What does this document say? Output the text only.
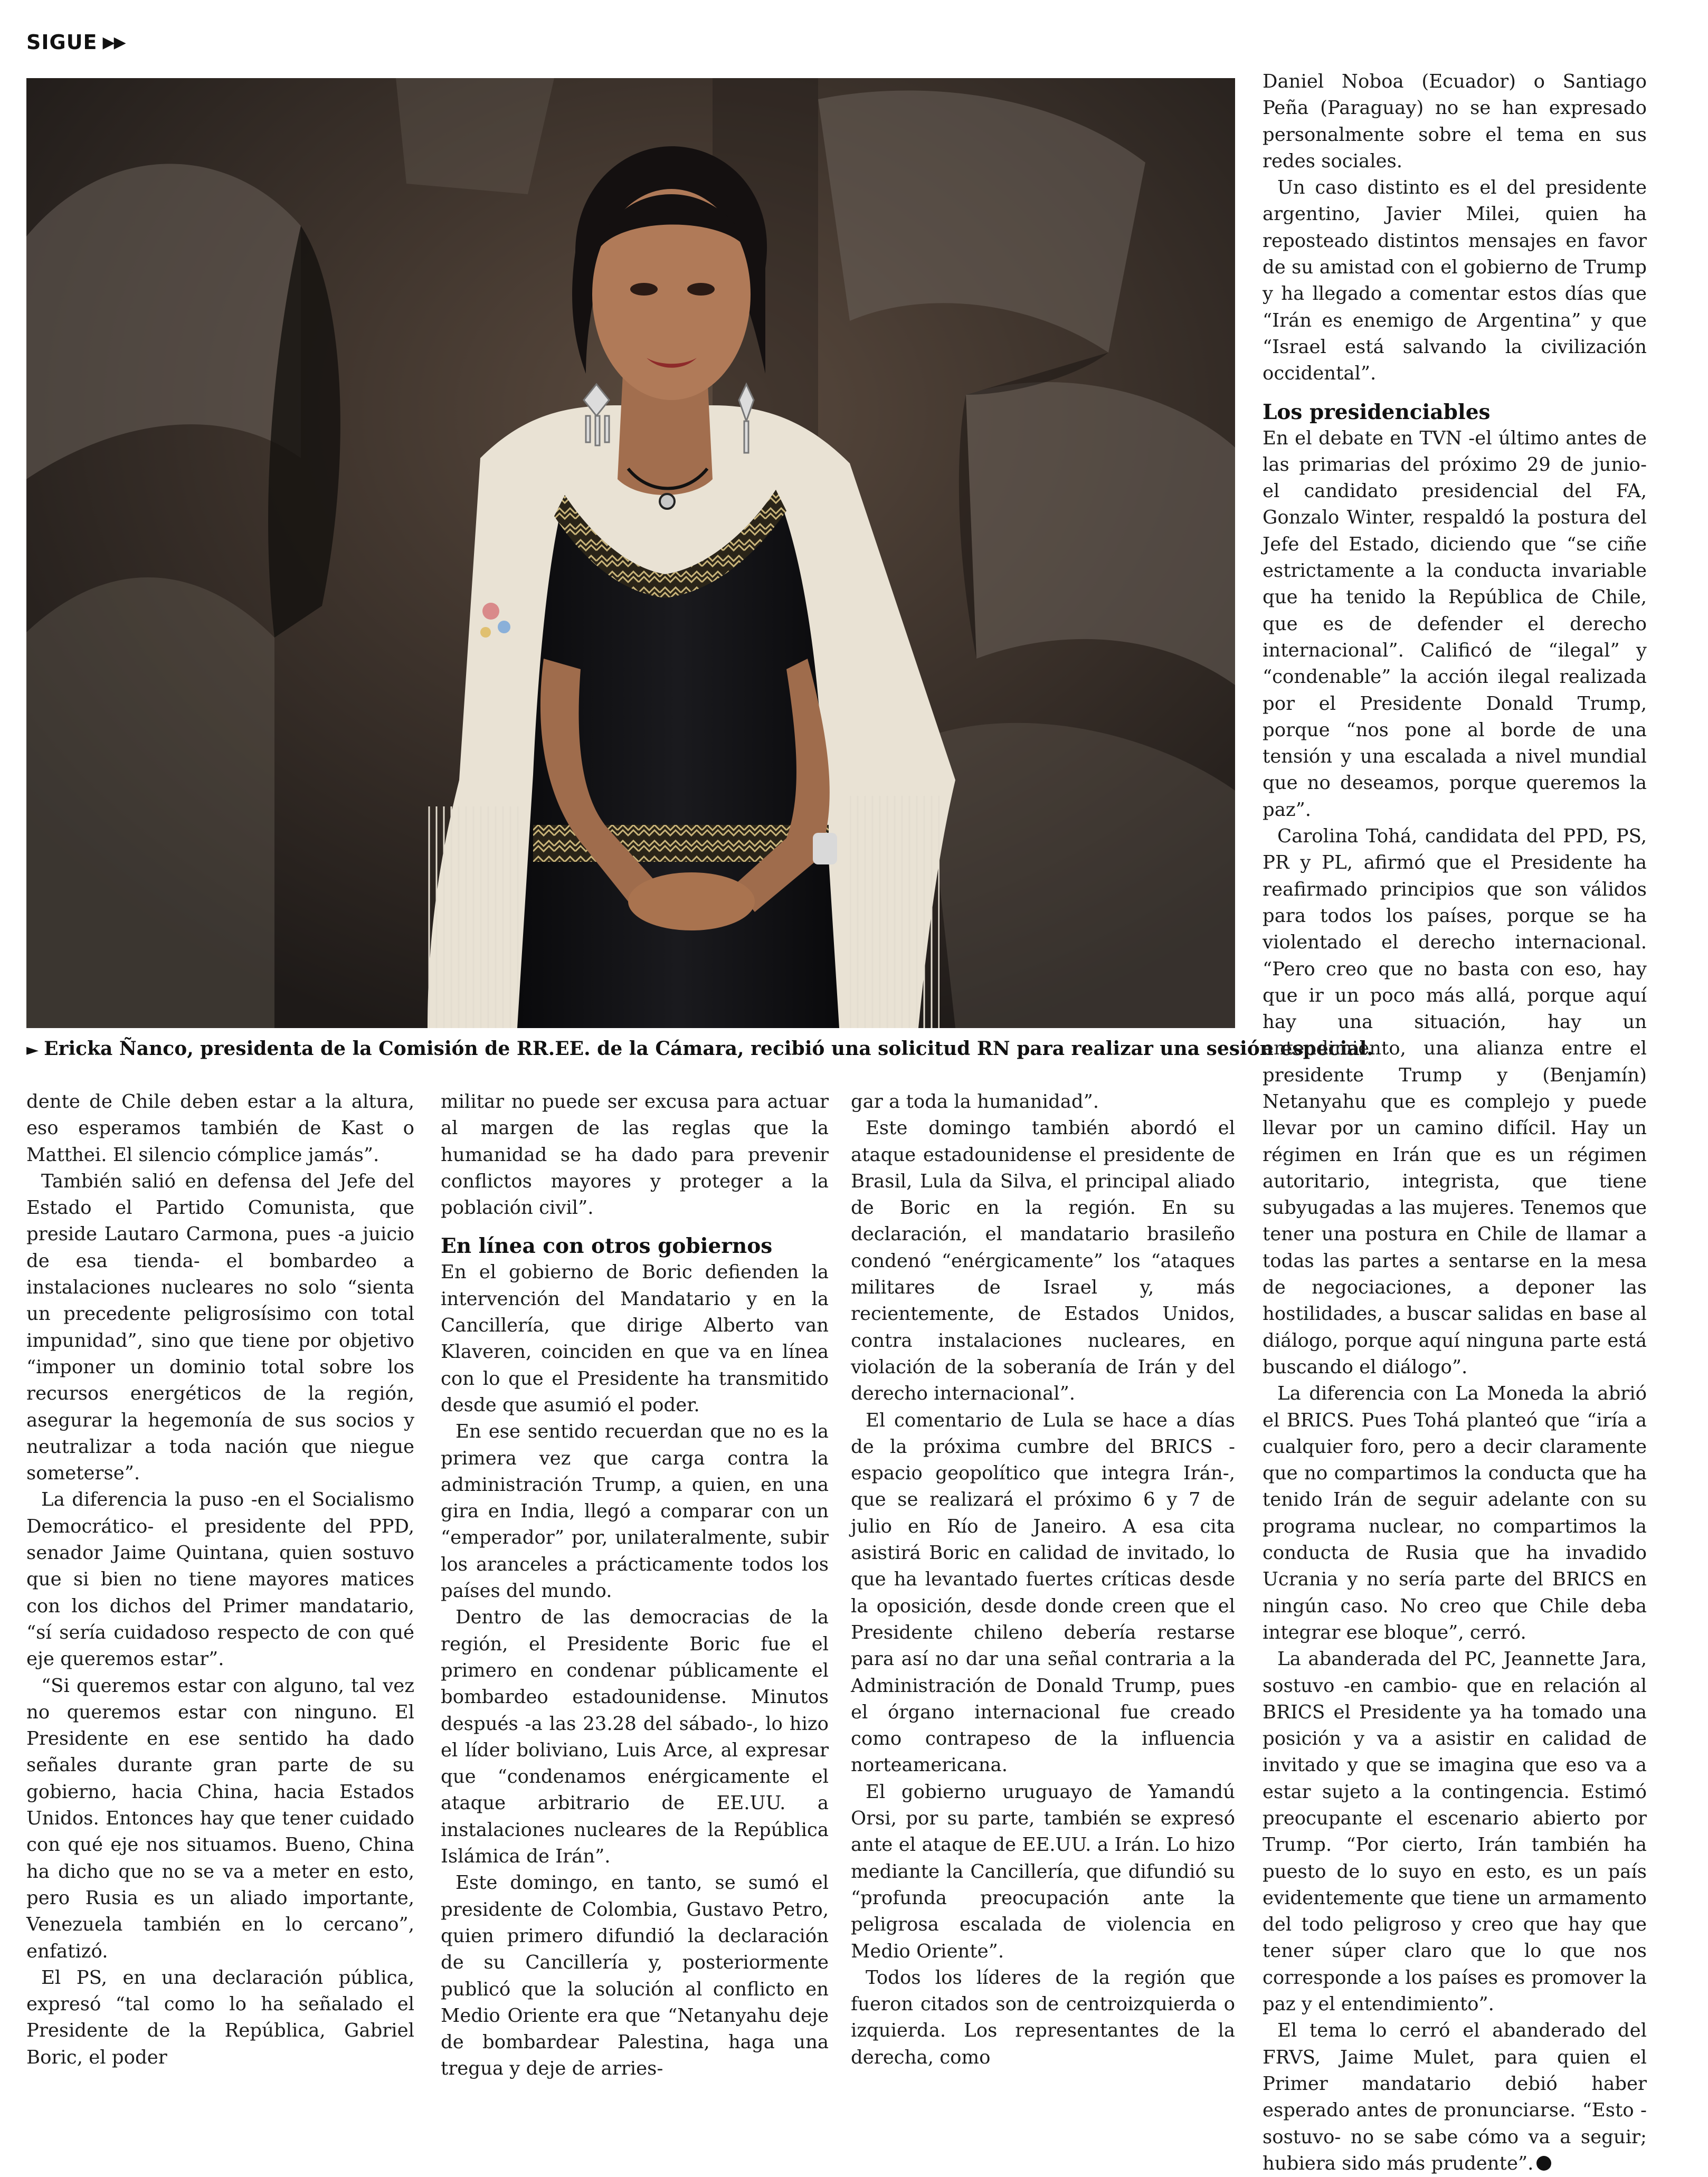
SIGUE ▶▶
► Ericka Ñanco, presidenta de la Comisión de RR.EE. de la Cámara, recibió una solicitud RN para realizar una sesión especial.

dente de Chile deben estar a la altura, eso esperamos también de Kast o Matthei. El silencio cómplice jamás”.

También salió en defensa del Jefe del Estado el Partido Comunista, que preside Lautaro Carmona, pues -a juicio de esa tienda- el bombardeo a instalaciones nucleares no solo “sienta un precedente peligrosísimo con total impunidad”, sino que tiene por objetivo “imponer un dominio total sobre los recursos energéticos de la región, asegurar la hegemonía de sus socios y neutralizar a toda nación que niegue someterse”.

La diferencia la puso -en el Socialismo Democrático- el presidente del PPD, senador Jaime Quintana, quien sostuvo que si bien no tiene mayores matices con los dichos del Primer mandatario, “sí sería cuidadoso respecto de con qué eje queremos estar”.

“Si queremos estar con alguno, tal vez no queremos estar con ninguno. El Presidente en ese sentido ha dado señales durante gran parte de su gobierno, hacia China, hacia Estados Unidos. Entonces hay que tener cuidado con qué eje nos situamos. Bueno, China ha dicho que no se va a meter en esto, pero Rusia es un aliado importante, Venezuela también en lo cercano”, enfatizó.

El PS, en una declaración pública, expresó “tal como lo ha señalado el Presidente de la República, Gabriel Boric, el poder

militar no puede ser excusa para actuar al margen de las reglas que la humanidad se ha dado para prevenir conflictos mayores y proteger a la población civil”.

En línea con otros gobiernos

En el gobierno de Boric defienden la intervención del Mandatario y en la Cancillería, que dirige Alberto van Klaveren, coinciden en que va en línea con lo que el Presidente ha transmitido desde que asumió el poder.

En ese sentido recuerdan que no es la primera vez que carga contra la administración Trump, a quien, en una gira en India, llegó a comparar con un “emperador” por, unilateralmente, subir los aranceles a prácticamente todos los países del mundo.

Dentro de las democracias de la región, el Presidente Boric fue el primero en condenar públicamente el bombardeo estadounidense. Minutos después -a las 23.28 del sábado-, lo hizo el líder boliviano, Luis Arce, al expresar que “condenamos enérgicamente el ataque arbitrario de EE.UU. a instalaciones nucleares de la República Islámica de Irán”.

Este domingo, en tanto, se sumó el presidente de Colombia, Gustavo Petro, quien primero difundió la declaración de su Cancillería y, posteriormente publicó que la solución al conflicto en Medio Oriente era que “Netanyahu deje de bombardear Palestina, haga una tregua y deje de arries-

gar a toda la humanidad”.

Este domingo también abordó el ataque estadounidense el presidente de Brasil, Lula da Silva, el principal aliado de Boric en la región. En su declaración, el mandatario brasileño condenó “enérgicamente” los “ataques militares de Israel y, más recientemente, de Estados Unidos, contra instalaciones nucleares, en violación de la soberanía de Irán y del derecho internacional”.

El comentario de Lula se hace a días de la próxima cumbre del BRICS -espacio geopolítico que integra Irán-, que se realizará el próximo 6 y 7 de julio en Río de Janeiro. A esa cita asistirá Boric en calidad de invitado, lo que ha levantado fuertes críticas desde la oposición, desde donde creen que el Presidente chileno debería restarse para así no dar una señal contraria a la Administración de Donald Trump, pues el órgano internacional fue creado como contrapeso de la influencia norteamericana.

El gobierno uruguayo de Yamandú Orsi, por su parte, también se expresó ante el ataque de EE.UU. a Irán. Lo hizo mediante la Cancillería, que difundió su “profunda preocupación ante la peligrosa escalada de violencia en Medio Oriente”.

Todos los líderes de la región que fueron citados son de centroizquierda o izquierda. Los representantes de la derecha, como

Daniel Noboa (Ecuador) o Santiago Peña (Paraguay) no se han expresado personalmente sobre el tema en sus redes sociales.

Un caso distinto es el del presidente argentino, Javier Milei, quien ha reposteado distintos mensajes en favor de su amistad con el gobierno de Trump y ha llegado a comentar estos días que “Irán es enemigo de Argentina” y que “Israel está salvando la civilización occidental”.

Los presidenciables

En el debate en TVN -el último antes de las primarias del próximo 29 de junio- el candidato presidencial del FA, Gonzalo Winter, respaldó la postura del Jefe del Estado, diciendo que “se ciñe estrictamente a la conducta invariable que ha tenido la República de Chile, que es de defender el derecho internacional”. Calificó de “ilegal” y “condenable” la acción ilegal realizada por el Presidente Donald Trump, porque “nos pone al borde de una tensión y una escalada a nivel mundial que no deseamos, porque queremos la paz”.

Carolina Tohá, candidata del PPD, PS, PR y PL, afirmó que el Presidente ha reafirmado principios que son válidos para todos los países, porque se ha violentado el derecho internacional. “Pero creo que no basta con eso, hay que ir un poco más allá, porque aquí hay una situación, hay un entendimiento, una alianza entre el presidente Trump y (Benjamín) Netanyahu que es complejo y puede llevar por un camino difícil. Hay un régimen en Irán que es un régimen autoritario, integrista, que tiene subyugadas a las mujeres. Tenemos que tener una postura en Chile de llamar a todas las partes a sentarse en la mesa de negociaciones, a deponer las hostilidades, a buscar salidas en base al diálogo, porque aquí ninguna parte está buscando el diálogo”.

La diferencia con La Moneda la abrió el BRICS. Pues Tohá planteó que “iría a cualquier foro, pero a decir claramente que no compartimos la conducta que ha tenido Irán de seguir adelante con su programa nuclear, no compartimos la conducta de Rusia que ha invadido Ucrania y no sería parte del BRICS en ningún caso. No creo que Chile deba integrar ese bloque”, cerró.

La abanderada del PC, Jeannette Jara, sostuvo -en cambio- que en relación al BRICS el Presidente ya ha tomado una posición y va a asistir en calidad de invitado y que se imagina que eso va a estar sujeto a la contingencia. Estimó preocupante el escenario abierto por Trump. “Por cierto, Irán también ha puesto de lo suyo en esto, es un país evidentemente que tiene un armamento del todo peligroso y creo que hay que tener súper claro que lo que nos corresponde a los países es promover la paz y el entendimiento”.

El tema lo cerró el abanderado del FRVS, Jaime Mulet, para quien el Primer mandatario debió haber esperado antes de pronunciarse. “Esto -sostuvo- no se sabe cómo va a seguir; hubiera sido más prudente”.
